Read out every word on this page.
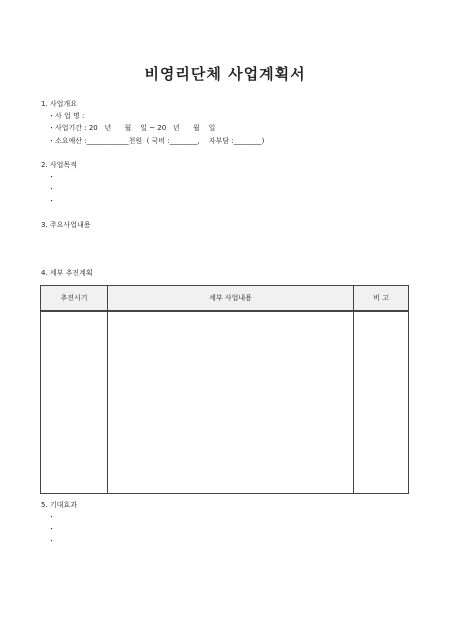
비영리단체 사업계획서
1. 사업개요
・사 업 명 :
・사업기간 : 20   년      월    일 ~ 20   년      월    일
・소요예산 :____________천원  ( 국비 :________,    자부담 :________)
2. 사업목적
・
・
・
3. 주요사업내용
4. 세부 추진계획
추진시기	세부 사업내용	비 고

5. 기대효과
・
・
・
